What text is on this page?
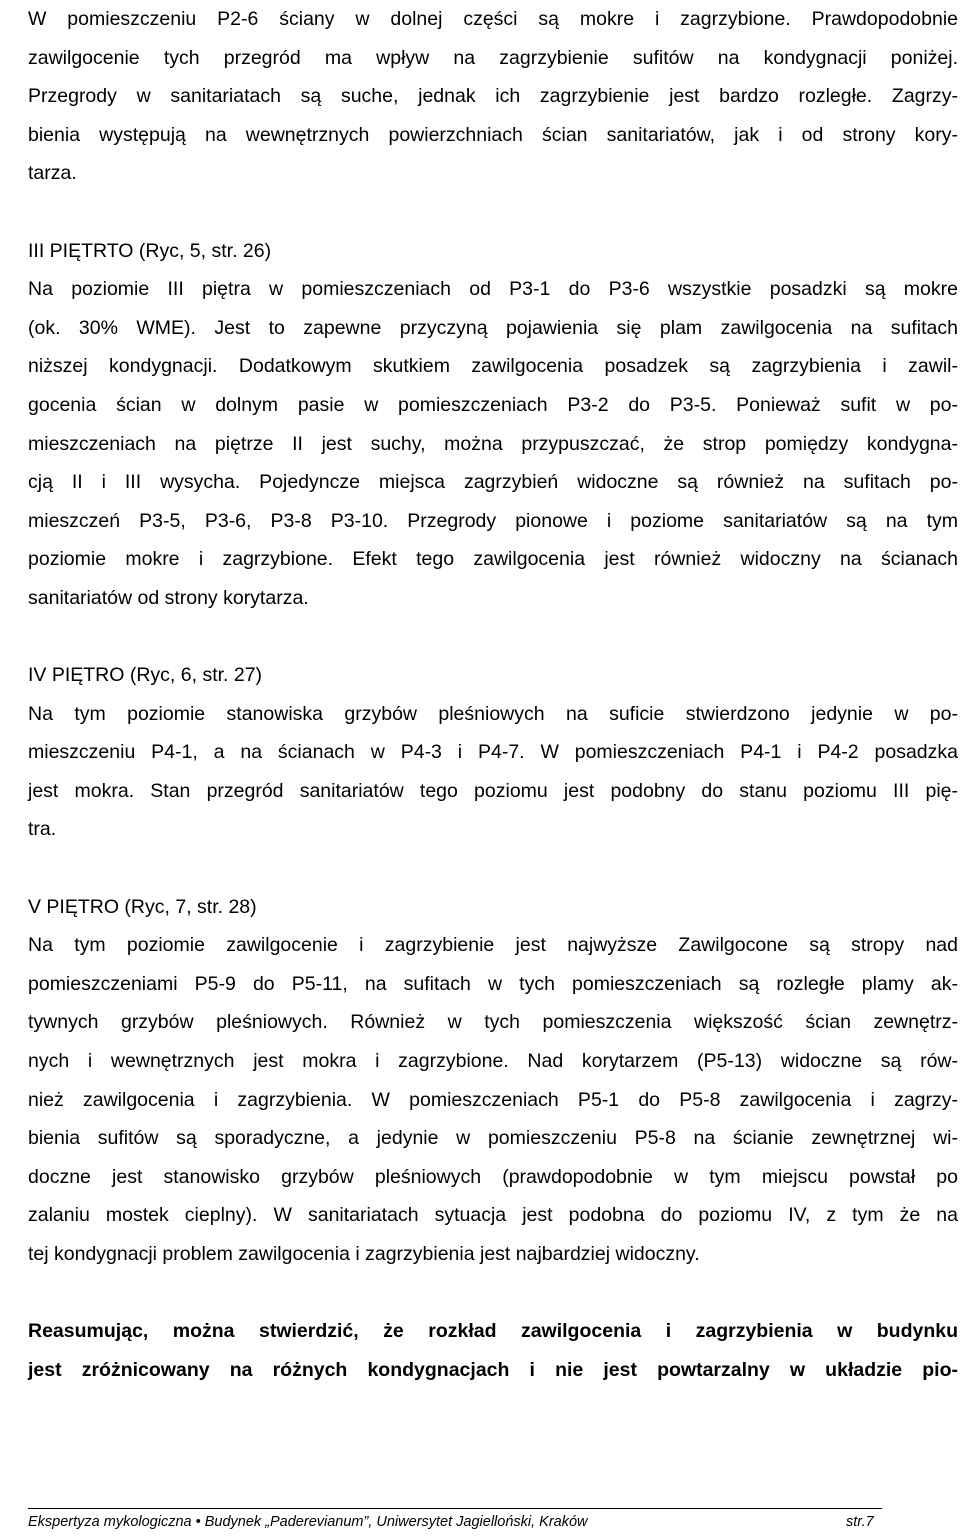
W pomieszczeniu P2-6 ściany w dolnej części są mokre i zagrzybione. Prawdopodobnie
zawilgocenie tych przegród ma wpływ na zagrzybienie sufitów na kondygnacji poniżej.
Przegrody w sanitariatach są suche, jednak ich zagrzybienie jest bardzo rozległe. Zagrzy-
bienia występują na wewnętrznych powierzchniach ścian sanitariatów, jak i od strony kory-
tarza.
III PIĘTRTO (Ryc, 5, str. 26)
Na poziomie III piętra w pomieszczeniach od P3-1 do P3-6 wszystkie posadzki są mokre
(ok. 30% WME). Jest to zapewne przyczyną pojawienia się plam zawilgocenia na sufitach
niższej kondygnacji. Dodatkowym skutkiem zawilgocenia posadzek są zagrzybienia i zawil-
gocenia ścian w dolnym pasie w pomieszczeniach P3-2 do P3-5. Ponieważ sufit w po-
mieszczeniach na piętrze II jest suchy, można przypuszczać, że strop pomiędzy kondygna-
cją II i III wysycha. Pojedyncze miejsca zagrzybień widoczne są również na sufitach po-
mieszczeń P3-5, P3-6, P3-8 P3-10. Przegrody pionowe i poziome sanitariatów są na tym
poziomie mokre i zagrzybione. Efekt tego zawilgocenia jest również widoczny na ścianach
sanitariatów od strony korytarza.
IV PIĘTRO (Ryc, 6, str. 27)
Na tym poziomie stanowiska grzybów pleśniowych na suficie stwierdzono jedynie w po-
mieszczeniu P4-1, a na ścianach w P4-3 i P4-7. W pomieszczeniach P4-1 i P4-2 posadzka
jest mokra. Stan przegród sanitariatów tego poziomu jest podobny do stanu poziomu III pię-
tra.
V PIĘTRO (Ryc, 7, str. 28)
Na tym poziomie zawilgocenie i zagrzybienie jest najwyższe Zawilgocone są stropy nad
pomieszczeniami P5-9 do P5-11, na sufitach w tych pomieszczeniach są rozległe plamy ak-
tywnych grzybów pleśniowych. Również w tych pomieszczenia większość ścian zewnętrz-
nych i wewnętrznych jest mokra i zagrzybione. Nad korytarzem (P5-13) widoczne są rów-
nież zawilgocenia i zagrzybienia. W pomieszczeniach P5-1 do P5-8 zawilgocenia i zagrzy-
bienia sufitów są sporadyczne, a jedynie w pomieszczeniu P5-8 na ścianie zewnętrznej wi-
doczne jest stanowisko grzybów pleśniowych (prawdopodobnie w tym miejscu powstał po
zalaniu mostek cieplny). W sanitariatach sytuacja jest podobna do poziomu IV, z tym że na
tej kondygnacji problem zawilgocenia i zagrzybienia jest najbardziej widoczny.
Reasumując, można stwierdzić, że rozkład zawilgocenia i zagrzybienia w budynku
jest zróżnicowany na różnych kondygnacjach i nie jest powtarzalny w układzie pio-
Ekspertyza mykologiczna • Budynek „Paderevianum”, Uniwersytet Jagielloński, Kraków	str.7
